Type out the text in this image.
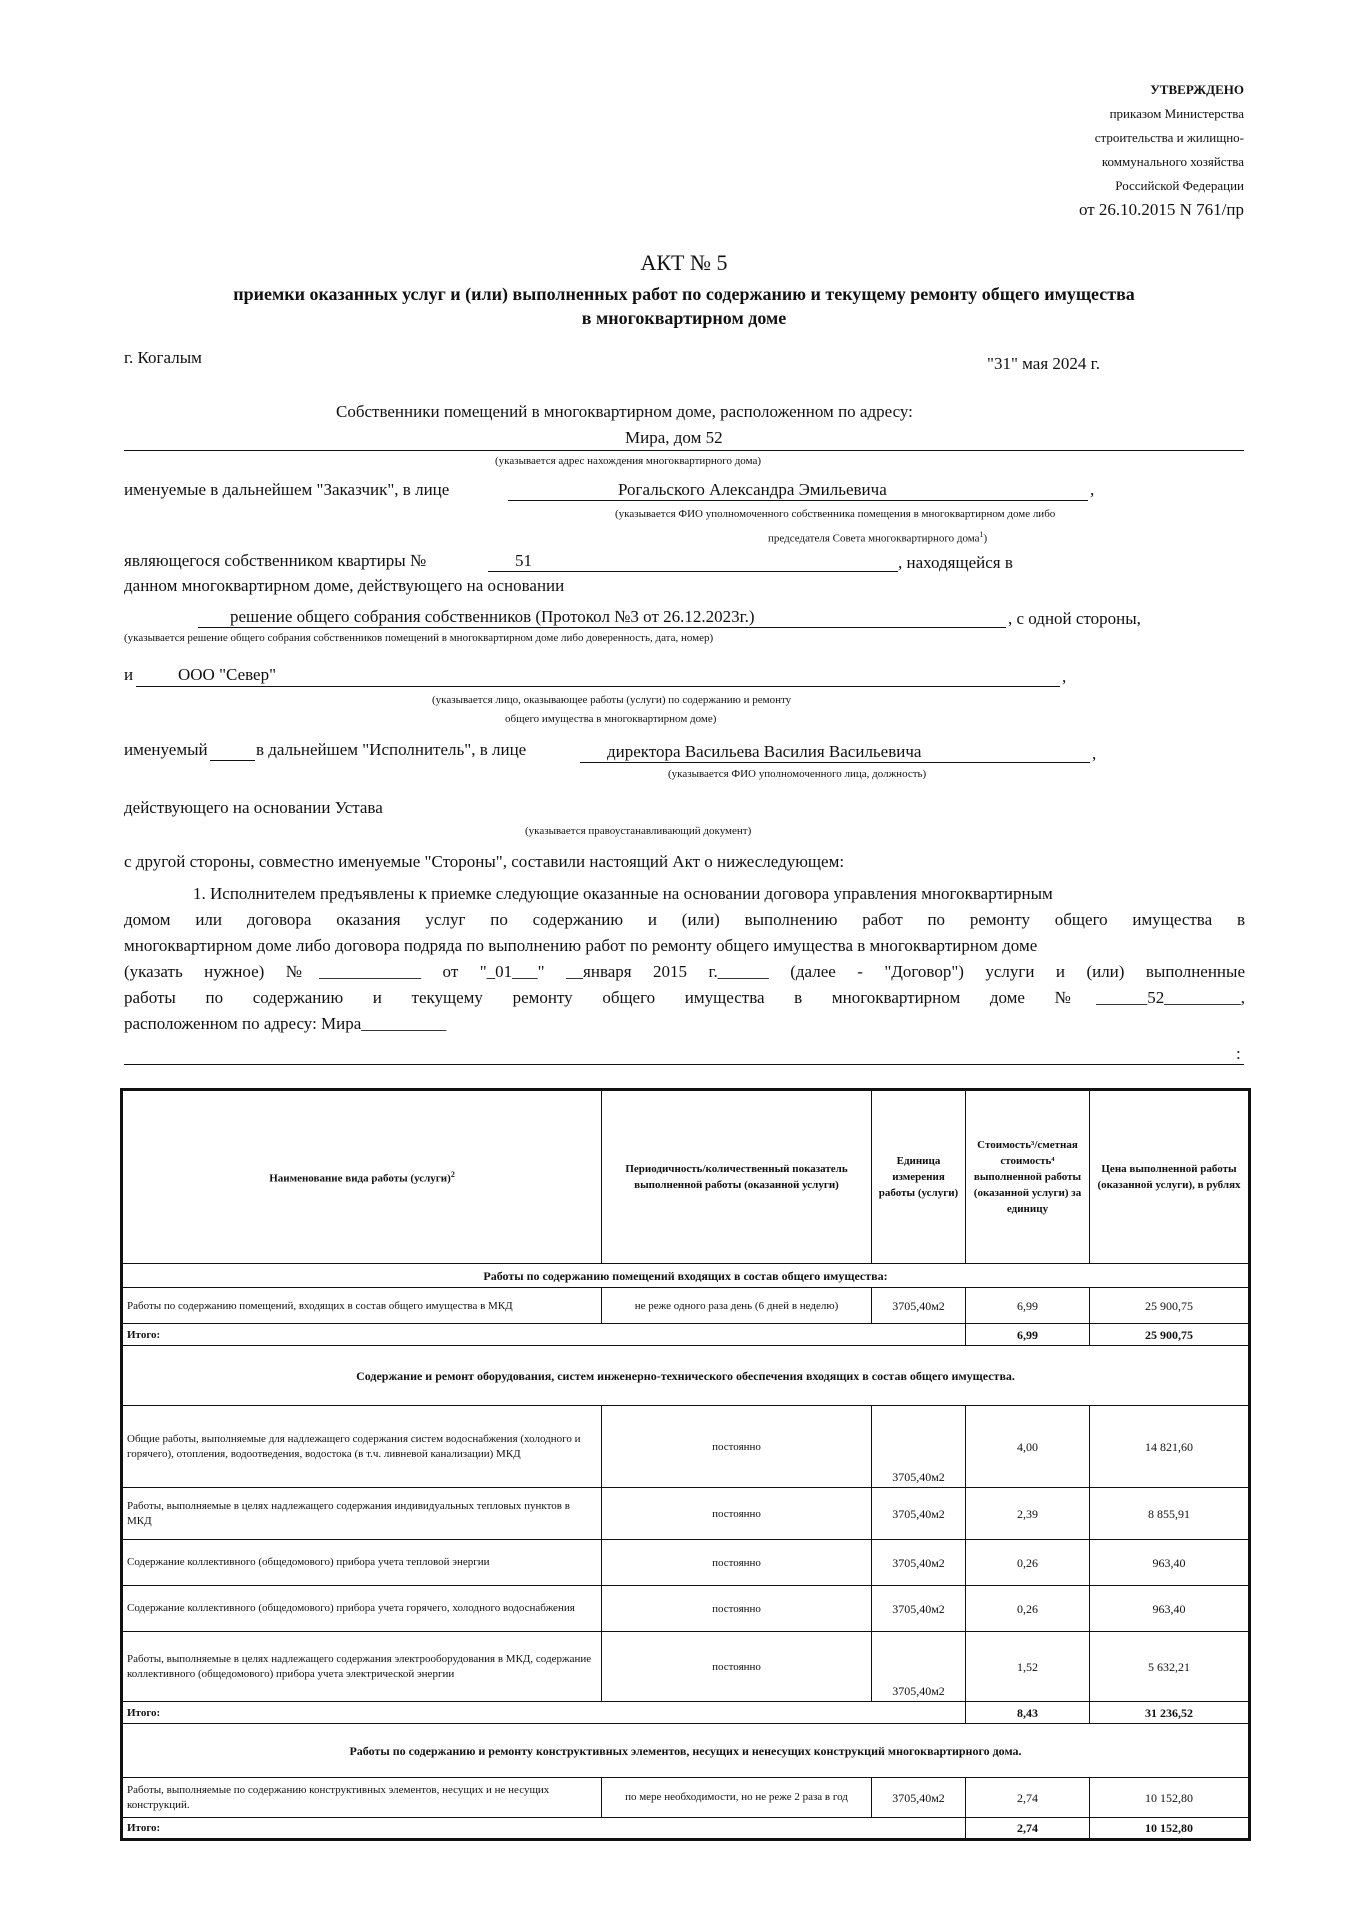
УТВЕРЖДЕНО
приказом Министерства
строительства и жилищно-
коммунального хозяйства
Российской Федерации
от 26.10.2015 N 761/пр
АКТ № 5
приемки оказанных услуг и (или) выполненных работ по содержанию и текущему ремонту общего имущества
в многоквартирном доме
г. Когалым	"31" мая 2024 г.
Собственники помещений в многоквартирном доме, расположенном по адресу:
Мира, дом 52
(указывается адрес нахождения многоквартирного дома)
именуемые в дальнейшем "Заказчик", в лице	Рогальского Александра Эмильевича	,
(указывается ФИО уполномоченного собственника помещения в многоквартирном доме либо
председателя Совета многоквартирного дома$^1$)
являющегося собственником квартиры №	51	, находящейся в
данном многоквартирном доме, действующего на основании
решение общего собрания собственников (Протокол №3 от 26.12.2023г.)	, с одной стороны,
(указывается решение общего собрания собственников помещений в многоквартирном доме либо доверенность, дата, номер)
и	ООО "Север"	,
(указывается лицо, оказывающее работы (услуги) по содержанию и ремонту
общего имущества в многоквартирном доме)
именуемый	в дальнейшем "Исполнитель", в лице	директора Васильева Василия Васильевича	,
(указывается ФИО уполномоченного лица, должность)
действующего на основании Устава
(указывается правоустанавливающий документ)
с другой стороны, совместно именуемые "Стороны", составили настоящий Акт о нижеследующем:
1. Исполнителем предъявлены к приемке следующие оказанные на основании договора управления многоквартирным
домом или договора оказания услуг по содержанию и (или) выполнению работ по ремонту общего имущества в
многоквартирном доме либо договора подряда по выполнению работ по ремонту общего имущества в многоквартирном доме
(указать нужное) №____________ от "_01___" __января 2015 г.______ (далее - "Договор") услуги и (или) выполненные
работы по содержанию и текущему ремонту общего имущества в многоквартирном доме №______52_________,
расположенном по адресу: Мира__________
:
Наименование вида работы (услуги)$^2$	Периодичность/количественный показатель выполненной работы (оказанной услуги)	Единица измерения работы (услуги)	Стоимость³/сметная стоимость⁴ выполненной работы (оказанной услуги) за единицу	Цена выполненной работы (оказанной услуги), в рублях
Работы по содержанию помещений входящих в состав общего имущества:				
Работы по содержанию помещений, входящих в состав общего имущества в МКД	не реже одного раза день (6 дней в неделю)	3705,40м2	6,99	25 900,75
Итого:			6,99	25 900,75
Содержание и ремонт оборудования, систем инженерно-технического обеспечения входящих в состав общего имущества.				
Общие работы, выполняемые для надлежащего содержания систем водоснабжения (холодного и горячего), отопления, водоотведения, водостока (в т.ч. ливневой канализации) МКД	постоянно	3705,40м2	4,00	14 821,60
Работы, выполняемые в целях надлежащего содержания индивидуальных тепловых пунктов в МКД	постоянно	3705,40м2	2,39	8 855,91
Содержание коллективного (общедомового) прибора учета тепловой энергии	постоянно	3705,40м2	0,26	963,40
Содержание коллективного (общедомового) прибора учета горячего, холодного водоснабжения	постоянно	3705,40м2	0,26	963,40
Работы, выполняемые в целях надлежащего содержания электрооборудования в МКД, содержание коллективного (общедомового) прибора учета электрической энергии	постоянно	3705,40м2	1,52	5 632,21
Итого:			8,43	31 236,52
Работы по содержанию и ремонту конструктивных элементов, несущих и ненесущих конструкций многоквартирного дома.				
Работы, выполняемые по содержанию конструктивных элементов, несущих и не несущих конструкций.	по мере необходимости, но не реже 2 раза в год	3705,40м2	2,74	10 152,80
Итого:			2,74	10 152,80
